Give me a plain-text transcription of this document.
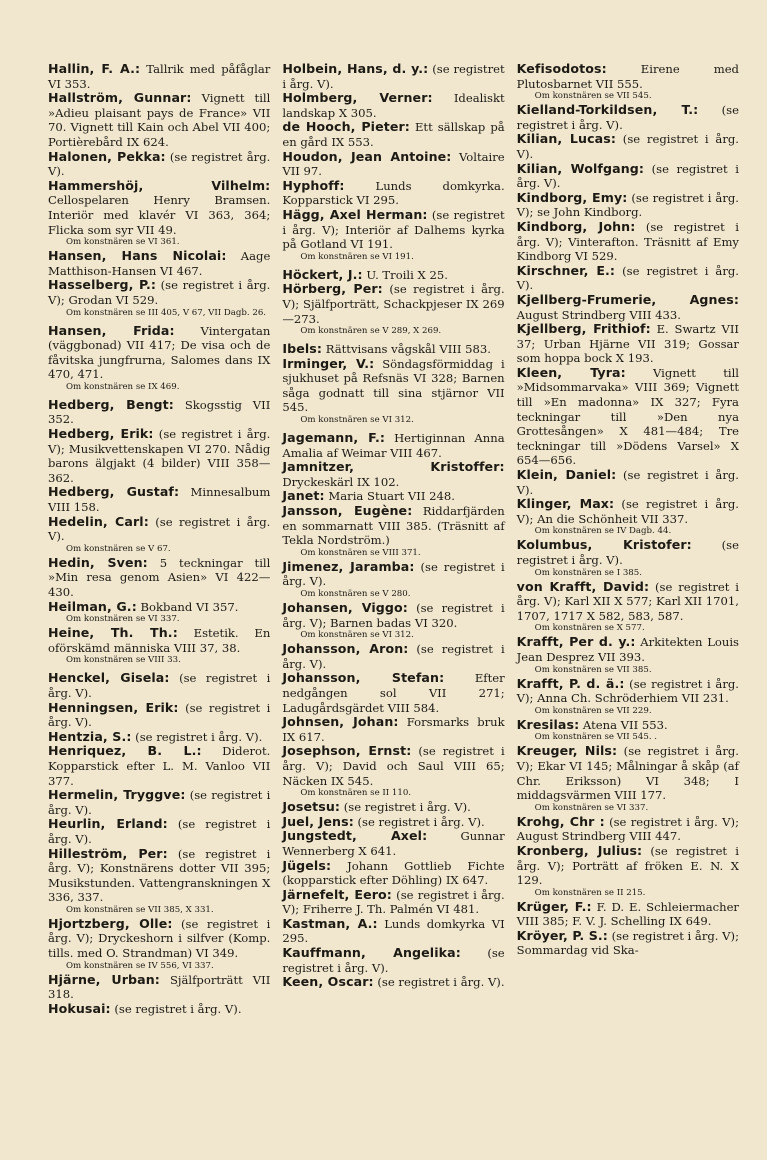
Hallin, F. A.: Tallrik med påfåglar VI 353.
Hallström, Gunnar: Vignett till »Adieu plaisant pays de France» VII 70. Vignett till Kain och Abel VII 400; Portièrebård IX 624.
Halonen, Pekka: (se registret årg. V).
Hammershöj, Vilhelm: Cellospelaren Henry Bramsen. Interiör med klavér VI 363, 364; Flicka som syr VII 49.
Om konstnären se VI 361.
Hansen, Hans Nicolai: Aage Matthison-Hansen VI 467.
Hasselberg, P.: (se registret i årg. V); Grodan VI 529.
Om konstnären se III 405, V 67, VII Dagb. 26.
Hansen, Frida: Vintergatan (väggbonad) VII 417; De visa och de fåvitska jungfrurna, Salomes dans IX 470, 471.
Om konstnären se IX 469.
Hedberg, Bengt: Skogsstig VII 352.
Hedberg, Erik: (se registret i årg. V); Musikvettenskapen VI 270. Nådig barons älgjakt (4 bilder) VIII 358—362.
Hedberg, Gustaf: Minnesalbum VIII 158.
Hedelin, Carl: (se registret i årg. V).
Om konstnären se V 67.
Hedin, Sven: 5 teckningar till »Min resa genom Asien» VI 422—430.
Heilman, G.: Bokband VI 357.
Om konstnären se VI 337.
Heine, Th. Th.: Estetik. En oförskämd människa VIII 37, 38.
Om konstnären se VIII 33.
Henckel, Gisela: (se registret i årg. V).
Henningsen, Erik: (se registret i årg. V).
Hentzia, S.: (se registret i årg. V).
Henriquez, B. L.: Diderot. Kopparstick efter L. M. Vanloo VII 377.
Hermelin, Tryggve: (se registret i årg. V).
Heurlin, Erland: (se registret i årg. V).
Hilleström, Per: (se registret i årg. V); Konstnärens dotter VII 395; Musikstunden. Vattengranskningen X 336, 337.
Om konstnären se VII 385, X 331.
Hjortzberg, Olle: (se registret i årg. V); Dryckeshorn i silfver (Komp. tills. med O. Strandman) VI 349.
Om konstnären se IV 556, VI 337.
Hjärne, Urban: Själfporträtt VII 318.
Hokusai: (se registret i årg. V).
Holbein, Hans, d. y.: (se registret i årg. V).
Holmberg, Verner: Idealiskt landskap X 305.
de Hooch, Pieter: Ett sällskap på en gård IX 553.
Houdon, Jean Antoine: Voltaire VII 97.
Hyphoff:	Lunds domkyrka. Kopparstick VI 295.
Hägg, Axel Herman: (se registret i årg. V); Interiör af Dalhems kyrka på Gotland VI 191.
Om konstnären se VI 191.
Höckert, J.: U. Troili X 25.
Hörberg, Per: (se registret i årg. V); Själfporträtt, Schackpjeser IX 269—273.
Om konstnären se V 289, X 269.
Ibels: Rättvisans vågskål VIII 583.
Irminger, V.: Söndagsförmiddag i sjukhuset på Refsnäs VI 328; Barnen såga godnatt till sina stjärnor VII 545.
Om konstnären se VI 312.
Jagemann, F.: Hertiginnan Anna Amalia af Weimar VIII 467.
Jamnitzer, Kristoffer: Dryckeskärl IX 102.
Janet: Maria Stuart VII 248.
Jansson, Eugène: Riddarfjärden en sommarnatt VIII 385. (Träsnitt af Tekla Nordström.)
Om konstnären se VIII 371.
Jimenez, Jaramba: (se registret i årg. V).
Om konstnären se V 280.
Johansen, Viggo: (se registret i årg. V); Barnen badas VI 320.
Om konstnären se VI 312.
Johansson, Aron: (se registret i årg. V).
Johansson, Stefan:	Efter nedgången sol VII 271; Ladugårdsgärdet VIII 584.
Johnsen, Johan: Forsmarks bruk IX 617.
Josephson, Ernst: (se registret i årg. V); David och Saul VIII 65; Näcken IX 545.
Om konstnären se II 110.
Josetsu: (se registret i årg. V).
Juel, Jens: (se registret i årg. V).
Jungstedt, Axel:	Gunnar Wennerberg X 641.
Jügels: Johann Gottlieb Fichte (kopparstick efter Döhling) IX 647.
Järnefelt, Eero: (se registret i årg. V); Friherre J. Th. Palmén VI 481.
Kastman, A.: Lunds domkyrka VI 295.
Kauffmann, Angelika: (se registret i årg. V).
Keen, Oscar: (se registret i årg. V).
Kefisodotos:	Eirene med Plutosbarnet VII 555.
Om konstnären se VII 545.
Kielland-Torkildsen, T.: (se registret i årg. V).
Kilian, Lucas: (se registret i årg. V).
Kilian, Wolfgang: (se registret i årg. V).
Kindborg, Emy: (se registret i årg. V); se John Kindborg.
Kindborg, John: (se registret i årg. V); Vinterafton. Träsnitt af Emy Kindborg VI 529.
Kirschner, E.: (se registret i årg. V).
Kjellberg-Frumerie, Agnes: August Strindberg VIII 433.
Kjellberg, Frithiof: E. Swartz VII 37; Urban Hjärne VII 319; Gossar som hoppa bock X 193.
Kleen, Tyra: Vignett till »Midsommarvaka» VIII 369; Vignett till »En madonna» IX 327; Fyra teckningar till »Den nya Grottesången» X 481—484; Tre teckningar till »Dödens Varsel» X 654—656.
Klein, Daniel: (se registret i årg. V).
Klinger, Max: (se registret i årg. V); An die Schönheit VII 337.
Om konstnären se IV Dagb. 44.
Kolumbus, Kristofer:	(se registret i årg. V).
Om konstnären se I 385.
von Krafft, David: (se registret i årg. V); Karl XII X 577; Karl XII 1701, 1707, 1717 X 582, 583, 587.
Om konstnären se X 577.
Krafft, Per d. y.: Arkitekten Louis Jean Desprez VII 393.
Om konstnären se VII 385.
Krafft, P. d. ä.: (se registret i årg. V); Anna Ch. Schröderhiem VII 231.
Om konstnären se VII 229.
Kresilas: Atena VII 553.
Om konstnären se VII 545. .
Kreuger, Nils: (se registret i årg. V); Ekar VI 145; Målningar å skåp (af Chr. Eriksson) VI 348; I middagsvärmen VIII 177.
Om konstnären se VI 337.
Krohg, Chr : (se registret i årg. V); August Strindberg VIII 447.
Kronberg, Julius: (se registret i årg. V); Porträtt af fröken E. N. X 129.
Om konstnären se II 215.
Krüger, F.: F. D. E. Schleiermacher VIII 385; F. V. J. Schelling IX 649.
Kröyer, P. S.: (se registret i årg. V); Sommardag vid Ska-
